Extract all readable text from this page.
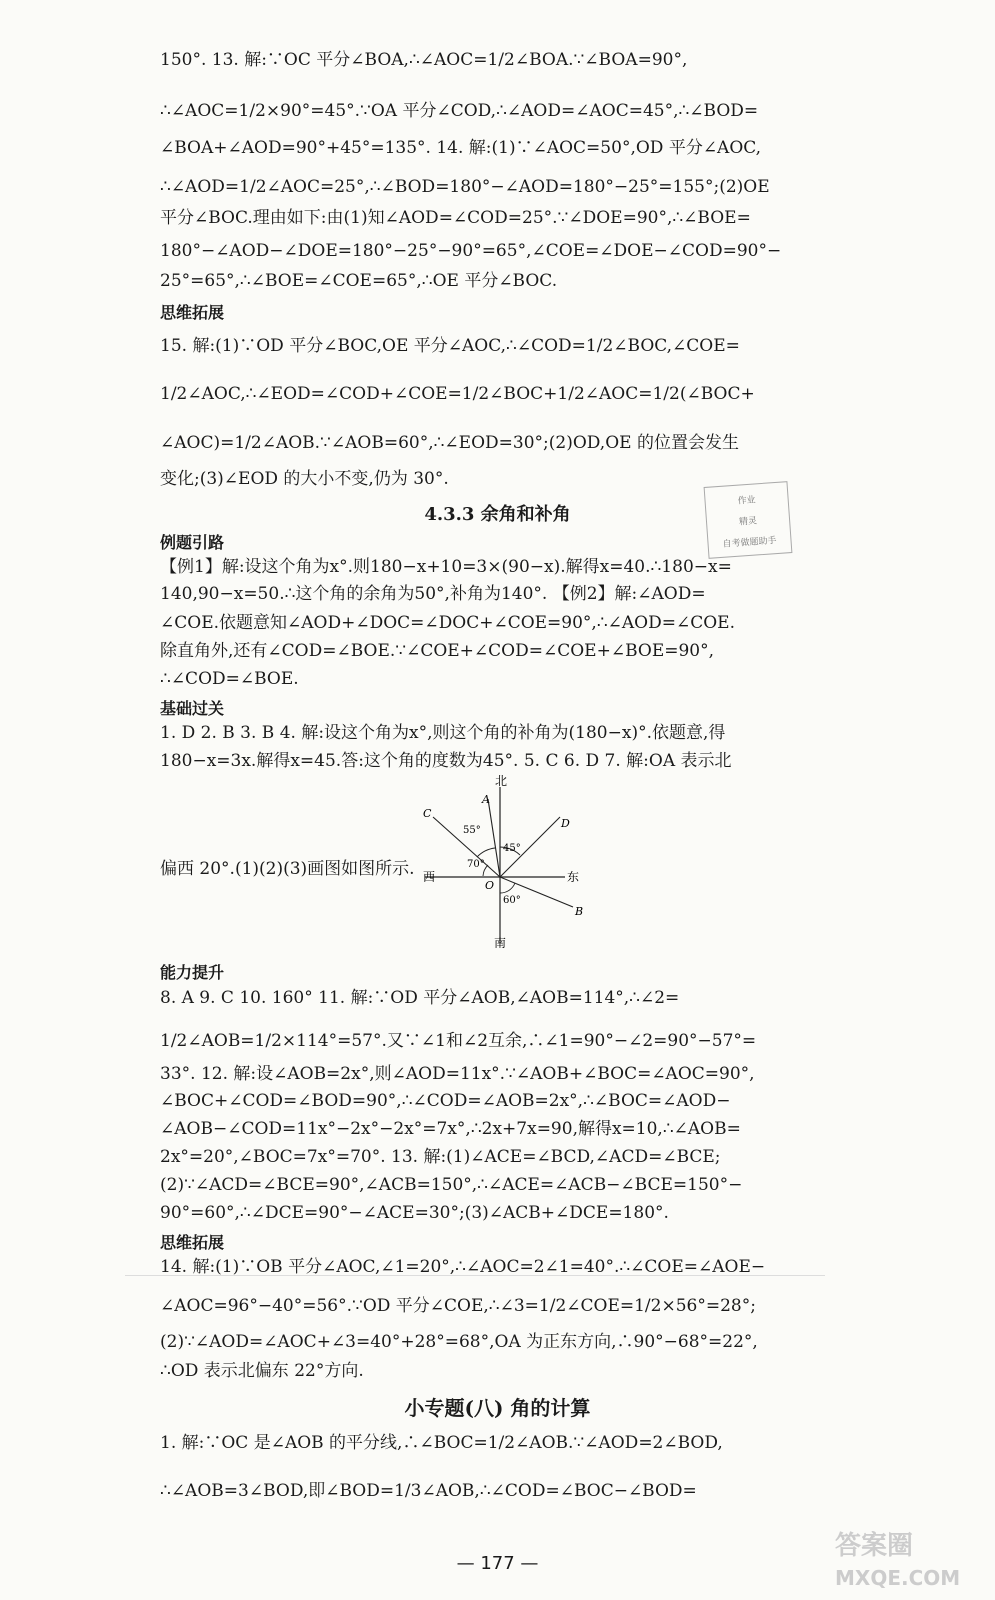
150°. 13. 解:∵OC 平分∠BOA,∴∠AOC=1/2∠BOA.∵∠BOA=90°,
∴∠AOC=1/2×90°=45°.∵OA 平分∠COD,∴∠AOD=∠AOC=45°,∴∠BOD=
∠BOA+∠AOD=90°+45°=135°. 14. 解:(1)∵∠AOC=50°,OD 平分∠AOC,
∴∠AOD=1/2∠AOC=25°,∴∠BOD=180°−∠AOD=180°−25°=155°;(2)OE
平分∠BOC.理由如下:由(1)知∠AOD=∠COD=25°.∵∠DOE=90°,∴∠BOE=
180°−∠AOD−∠DOE=180°−25°−90°=65°,∠COE=∠DOE−∠COD=90°−
25°=65°,∴∠BOE=∠COE=65°,∴OE 平分∠BOC.
思维拓展
15. 解:(1)∵OD 平分∠BOC,OE 平分∠AOC,∴∠COD=1/2∠BOC,∠COE=
1/2∠AOC,∴∠EOD=∠COD+∠COE=1/2∠BOC+1/2∠AOC=1/2(∠BOC+
∠AOC)=1/2∠AOB.∵∠AOB=60°,∴∠EOD=30°;(2)OD,OE 的位置会发生
变化;(3)∠EOD 的大小不变,仍为 30°.
4.3.3 余角和补角
作业
精灵
自考做题助手
例题引路
【例1】解:设这个角为x°.则180−x+10=3×(90−x).解得x=40.∴180−x=
140,90−x=50.∴这个角的余角为50°,补角为140°. 【例2】解:∠AOD=
∠COE.依题意知∠AOD+∠DOC=∠DOC+∠COE=90°,∴∠AOD=∠COE.
除直角外,还有∠COD=∠BOE.∵∠COE+∠COD=∠COE+∠BOE=90°,
∴∠COD=∠BOE.
基础过关
1. D 2. B 3. B 4. 解:设这个角为x°,则这个角的补角为(180−x)°.依题意,得
180−x=3x.解得x=45.答:这个角的度数为45°. 5. C 6. D 7. 解:OA 表示北
偏西 20°.(1)(2)(3)画图如图所示.
北
南
东
西
A
B
C
D
O
55°
45°
70°
60°
能力提升
8. A 9. C 10. 160° 11. 解:∵OD 平分∠AOB,∠AOB=114°,∴∠2=
1/2∠AOB=1/2×114°=57°.又∵∠1和∠2互余,∴∠1=90°−∠2=90°−57°=
33°. 12. 解:设∠AOB=2x°,则∠AOD=11x°.∵∠AOB+∠BOC=∠AOC=90°,
∠BOC+∠COD=∠BOD=90°,∴∠COD=∠AOB=2x°,∴∠BOC=∠AOD−
∠AOB−∠COD=11x°−2x°−2x°=7x°,∴2x+7x=90,解得x=10,∴∠AOB=
2x°=20°,∠BOC=7x°=70°. 13. 解:(1)∠ACE=∠BCD,∠ACD=∠BCE;
(2)∵∠ACD=∠BCE=90°,∠ACB=150°,∴∠ACE=∠ACB−∠BCE=150°−
90°=60°,∴∠DCE=90°−∠ACE=30°;(3)∠ACB+∠DCE=180°.
思维拓展
14. 解:(1)∵OB 平分∠AOC,∠1=20°,∴∠AOC=2∠1=40°.∴∠COE=∠AOE−
∠AOC=96°−40°=56°.∵OD 平分∠COE,∴∠3=1/2∠COE=1/2×56°=28°;
(2)∵∠AOD=∠AOC+∠3=40°+28°=68°,OA 为正东方向,∴90°−68°=22°,
∴OD 表示北偏东 22°方向.
小专题(八) 角的计算
1. 解:∵OC 是∠AOB 的平分线,∴∠BOC=1/2∠AOB.∵∠AOD=2∠BOD,
∴∠AOB=3∠BOD,即∠BOD=1/3∠AOB,∴∠COD=∠BOC−∠BOD=
— 177 —
答案圈
MXQE.COM
